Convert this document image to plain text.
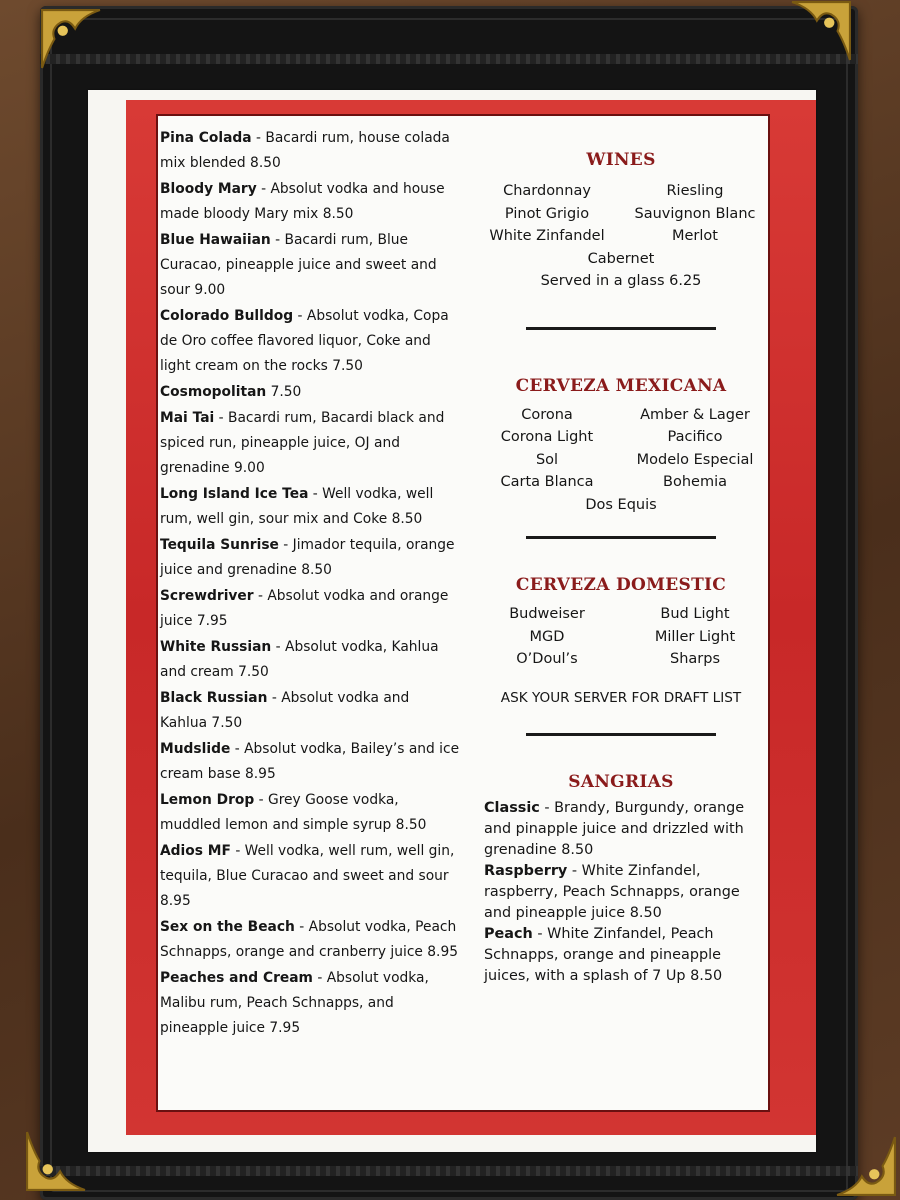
Pina Colada - Bacardi rum, house colada mix blended 8.50
Bloody Mary - Absolut vodka and house made bloody Mary mix 8.50
Blue Hawaiian - Bacardi rum, Blue Curacao, pineapple juice and sweet and sour 9.00
Colorado Bulldog - Absolut vodka, Copa de Oro coffee flavored liquor, Coke and light cream on the rocks 7.50
Cosmopolitan 7.50
Mai Tai - Bacardi rum, Bacardi black and spiced run, pineapple juice, OJ and grenadine 9.00
Long Island Ice Tea - Well vodka, well rum, well gin, sour mix and Coke 8.50
Tequila Sunrise - Jimador tequila, orange juice and grenadine 8.50
Screwdriver - Absolut vodka and orange juice 7.95
White Russian - Absolut vodka, Kahlua and cream 7.50
Black Russian - Absolut vodka and Kahlua 7.50
Mudslide - Absolut vodka, Bailey’s and ice cream base 8.95
Lemon Drop - Grey Goose vodka, muddled lemon and simple syrup 8.50
Adios MF - Well vodka, well rum, well gin, tequila, Blue Curacao and sweet and sour 8.95
Sex on the Beach - Absolut vodka, Peach Schnapps, orange and cranberry juice 8.95
Peaches and Cream - Absolut vodka, Malibu rum, Peach Schnapps, and pineapple juice 7.95
WINES
Chardonnay	Riesling
Pinot Grigio	Sauvignon Blanc
White Zinfandel	Merlot
Cabernet
Served in a glass 6.25
CERVEZA MEXICANA
Corona	Amber & Lager
Corona Light	Pacifico
Sol	Modelo Especial
Carta Blanca	Bohemia
Dos Equis
CERVEZA DOMESTIC
Budweiser	Bud Light
MGD	Miller Light
O’Doul’s	Sharps
ASK YOUR SERVER FOR DRAFT LIST
SANGRIAS
Classic - Brandy, Burgundy, orange and pinapple juice and drizzled with grenadine 8.50
Raspberry - White Zinfandel, raspberry, Peach Schnapps, orange and pineapple juice 8.50
Peach - White Zinfandel, Peach Schnapps, orange and pineapple juices, with a splash of 7 Up 8.50
